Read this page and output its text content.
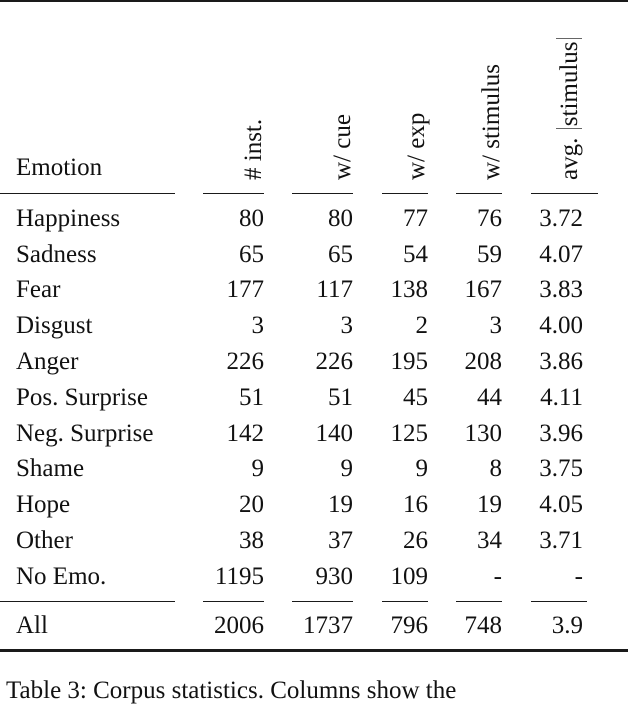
Emotion	# inst. w/ cue w/ exp w/ stimulus avg. stimulus
Happiness	80	80 77 76 3.72
Sadness	65	65 54 59 4.07
Fear	177 117 138 167 3.83
Disgust	3	3	2 3 4.00
Anger	226 226 195 208 3.86
Pos. Surprise	51	51 45 44 4.11
Neg. Surprise	142 140 125 130 3.96
Shame	9	9	9 8 3.75
Hope	20	19 16 19 4.05
Other	38	37 26 34 3.71
No Emo.	1195 930 109	-	-
All	2006 1737 796 748 3.9
Table 3: Corpus statistics. Columns show the
